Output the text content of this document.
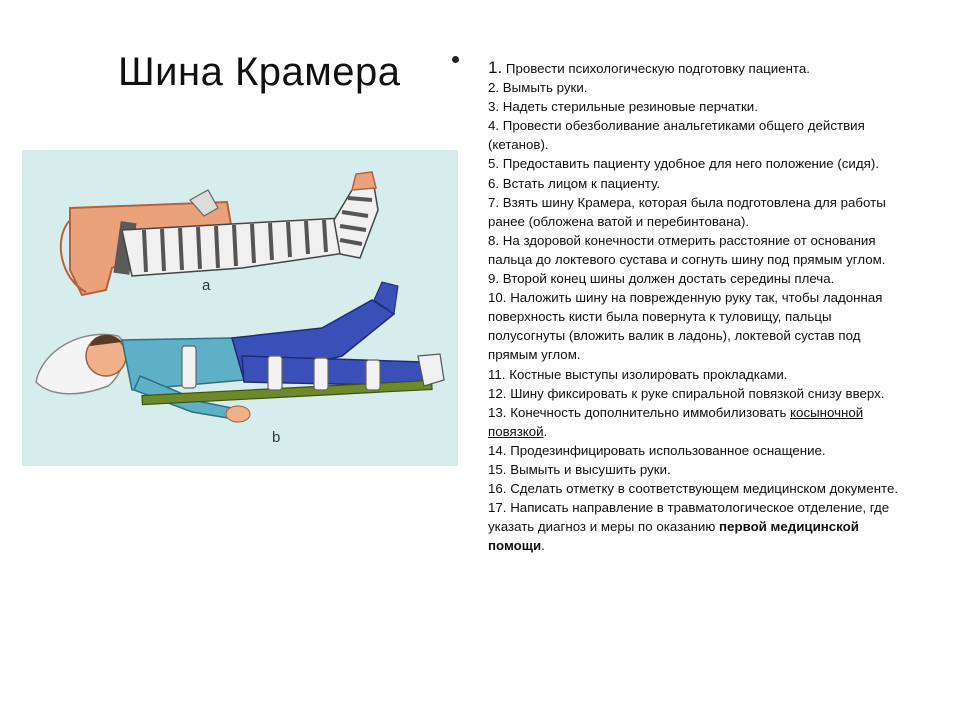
Шина Крамера
a
b

1. Провести психологическую подготовку пациента.

2. Вымыть руки.

3. Надеть стерильные резиновые перчатки.

4. Провести обезболивание анальгетиками общего действия (кетанов).

5. Предоставить пациенту удобное для него положение (сидя).

6. Встать лицом к пациенту.

7. Взять шину Крамера, которая была подготовлена для работы ранее (обложена ватой и перебинтована).

8. На здоровой конечности отмерить расстояние от основания пальца до локтевого сустава и согнуть шину под прямым углом.

9. Второй конец шины должен достать середины плеча.

10. Наложить шину на поврежденную руку так, чтобы ладонная поверхность кисти была повернута к туловищу, пальцы полусогнуты (вложить валик в ладонь), локтевой сустав под прямым углом.

11. Костные выступы изолировать прокладками.

12. Шину фиксировать к руке спиральной повязкой снизу вверх.

13. Конечность дополнительно иммобилизовать косыночной повязкой.

14. Продезинфицировать использованное оснащение.

15. Вымыть и высушить руки.

16. Сделать отметку в соответствующем медицинском документе.

17. Написать направление в травматологическое отделение, где указать диагноз и меры по оказанию первой медицинской помощи.
